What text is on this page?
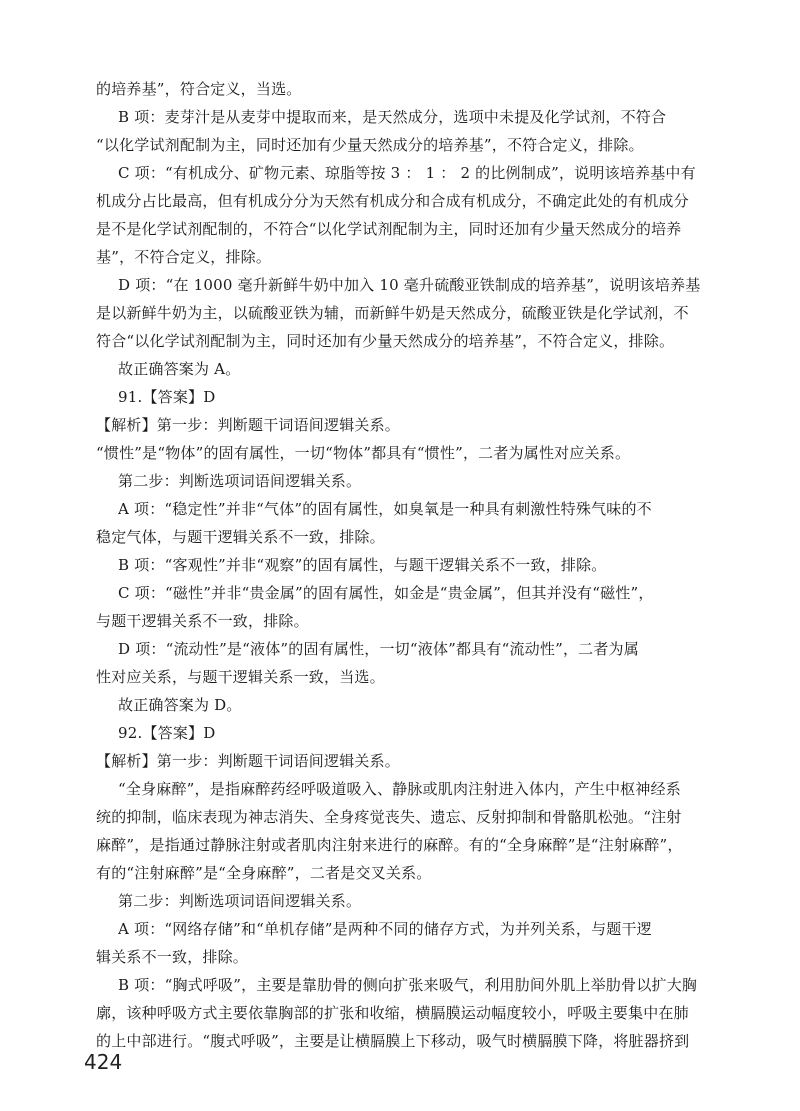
的培养基”，符合定义，当选。
B 项：麦芽汁是从麦芽中提取而来，是天然成分，选项中未提及化学试剂，不符合
“以化学试剂配制为主，同时还加有少量天然成分的培养基”，不符合定义，排除。
C 项：“有机成分、矿物元素、琼脂等按 3 ： 1 ： 2 的比例制成”，说明该培养基中有
机成分占比最高，但有机成分分为天然有机成分和合成有机成分，不确定此处的有机成分
是不是化学试剂配制的，不符合“以化学试剂配制为主，同时还加有少量天然成分的培养
基”，不符合定义，排除。
D 项：“在 1000 毫升新鲜牛奶中加入 10 毫升硫酸亚铁制成的培养基”，说明该培养基
是以新鲜牛奶为主，以硫酸亚铁为辅，而新鲜牛奶是天然成分，硫酸亚铁是化学试剂，不
符合“以化学试剂配制为主，同时还加有少量天然成分的培养基”，不符合定义，排除。
故正确答案为 A。
91.【答案】D
【解析】第一步：判断题干词语间逻辑关系。
“惯性”是“物体”的固有属性，一切“物体”都具有“惯性”，二者为属性对应关系。
第二步：判断选项词语间逻辑关系。
A 项：“稳定性”并非“气体”的固有属性，如臭氧是一种具有刺激性特殊气味的不
稳定气体，与题干逻辑关系不一致，排除。
B 项：“客观性”并非“观察”的固有属性，与题干逻辑关系不一致，排除。
C 项：“磁性”并非“贵金属”的固有属性，如金是“贵金属”，但其并没有“磁性”，
与题干逻辑关系不一致，排除。
D 项：“流动性”是“液体”的固有属性，一切“液体”都具有“流动性”，二者为属
性对应关系，与题干逻辑关系一致，当选。
故正确答案为 D。
92.【答案】D
【解析】第一步：判断题干词语间逻辑关系。
“全身麻醉”，是指麻醉药经呼吸道吸入、静脉或肌肉注射进入体内，产生中枢神经系
统的抑制，临床表现为神志消失、全身疼觉丧失、遗忘、反射抑制和骨骼肌松弛。“注射
麻醉”，是指通过静脉注射或者肌肉注射来进行的麻醉。有的“全身麻醉”是“注射麻醉”，
有的“注射麻醉”是“全身麻醉”，二者是交叉关系。
第二步：判断选项词语间逻辑关系。
A 项：“网络存储”和“单机存储”是两种不同的储存方式，为并列关系，与题干逻
辑关系不一致，排除。
B 项：“胸式呼吸”，主要是靠肋骨的侧向扩张来吸气，利用肋间外肌上举肋骨以扩大胸
廓，该种呼吸方式主要依靠胸部的扩张和收缩，横膈膜运动幅度较小，呼吸主要集中在肺
的上中部进行。“腹式呼吸”，主要是让横膈膜上下移动，吸气时横膈膜下降，将脏器挤到
424
